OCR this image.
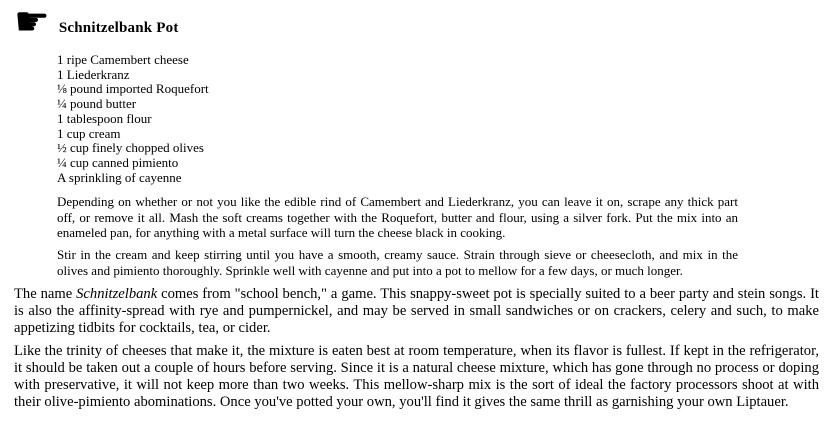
☛ Schnitzelbank Pot
1 ripe Camembert cheese
1 Liederkranz
⅛ pound imported Roquefort
¼ pound butter
1 tablespoon flour
1 cup cream
½ cup finely chopped olives
¼ cup canned pimiento
A sprinkling of cayenne

Depending on whether or not you like the edible rind of Camembert and Liederkranz, you can leave it on, scrape any thick part off, or remove it all. Mash the soft creams together with the Roquefort, butter and flour, using a silver fork. Put the mix into an enameled pan, for anything with a metal surface will turn the cheese black in cooking.

Stir in the cream and keep stirring until you have a smooth, creamy sauce. Strain through sieve or cheesecloth, and mix in the olives and pimiento thoroughly. Sprinkle well with cayenne and put into a pot to mellow for a few days, or much longer.

The name Schnitzelbank comes from "school bench," a game. This snappy-sweet pot is specially suited to a beer party and stein songs. It is also the affinity-spread with rye and pumpernickel, and may be served in small sandwiches or on crackers, celery and such, to make appetizing tidbits for cocktails, tea, or cider.

Like the trinity of cheeses that make it, the mixture is eaten best at room temperature, when its flavor is fullest. If kept in the refrigerator, it should be taken out a couple of hours before serving. Since it is a natural cheese mixture, which has gone through no process or doping with preservative, it will not keep more than two weeks. This mellow-sharp mix is the sort of ideal the factory processors shoot at with their olive-pimiento abominations. Once you've potted your own, you'll find it gives the same thrill as garnishing your own Liptauer.
